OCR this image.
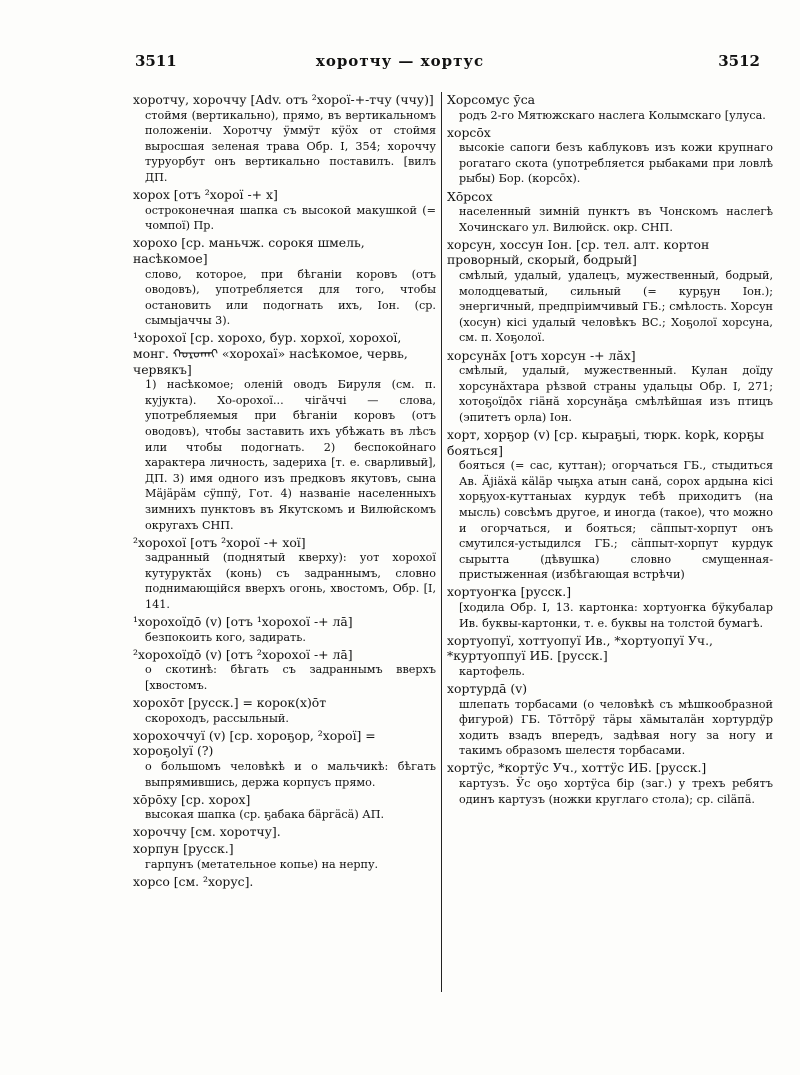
3511	хоротчу — хортус	3512
хоротчу, хороччу [Adv. отъ ²хорої-+-тчу (ччу)]
стоймя (вертикально), прямо, въ вертикальномъ положенiи. Хоротчу ӱммӱт кӱӧх от стоймя выросшая зеленая трава Обр. І, 354; хороччу туруорбут онъ вертикально поставилъ. [вилъ ДП.
хорох [отъ ²хорої -+ х]
остроконечная шапка съ высокой макушкой (= чомпої) Пр.
хорохо [ср. маньчж. сорокя шмель, насѣкомое]
слово, которое, при бѣганiи коровъ (отъ оводовъ), употребляется для того, чтобы остановить или подогнать ихъ, Іон. (ср. сымыјаччы 3).
¹хорохої [ср. хорохо, бур. хорхої, хорохої, монг. ᠬᠣᠷᠣᠬᠠᠢ «хорохаї» насѣкомое, червь, червякъ]
1) насѣкомое; оленiй оводъ Бируля (см. п. кујукта). Хо-орохої... чiгӑччi — слова, употребляемыя при бѣганiи коровъ (отъ оводовъ), чтобы заставить ихъ убѣжать въ лѣсъ или чтобы подогнать. 2) беспокойнаго характера личность, задериха [т. е. сварливый], ДП. 3) имя одного изъ предковъ якутовъ, сына Мӓјӓрӓм сӱппӱ, Гот. 4) названiе населенныхъ зимнихъ пунктовъ въ Якутскомъ и Вилюйскомъ округахъ СНП.
²хорохої [отъ ²хорої -+ хої]
задранный (поднятый кверху): уот хорохої кутуруктӑх (конь) съ задраннымъ, словно поднимающiйся вверхъ огонь, хвостомъ, Обр. [І, 141.
¹хорохоїдō (v) [отъ ¹хорохої -+ лā]
безпокоить кого, задирать.
²хорохоїдō (v) [отъ ²хорохої -+ лā]
о скотинѣ: бѣгать съ задраннымъ вверхъ [хвостомъ.
хорохōт [русск.] = корок(х)ōт
скороходъ, рассыльный.
хорохоччуї (v) [ср. хороҕор, ²хорої] = хороҕоlуї (?)
о большомъ человѣкѣ и о мальчикѣ: бѣгать выпрямившись, держа корпусъ прямо.
хōрōху [ср. хорох]
высокая шапка (ср. ҕабака бӓргӓсӓ) АП.
хороччу [см. хоротчу].
хорпун [русск.]
гарпунъ (метательное копье) на нерпу.
хорсо [см. ²хорус].
Хорсомус ӯса
родъ 2-го Мятюжскаго наслега Колымскаго [улуса.
хорсōх
высокiе сапоги безъ каблуковъ изъ кожи крупнаго рогатаго скота (употребляется рыбаками при ловлѣ рыбы) Бор. (корсōх).
Хōрсох
населенный зимнiй пунктъ въ Чонскомъ наслегѣ Хочинскаго ул. Вилюйск. окр. СНП.
хорсун, хоссун Іон. [ср. тел. алт. кортон проворный, скорый, бодрый]
смѣлый, удалый, удалецъ, мужественный, бодрый, молодцеватый, сильный (= курҕун Іон.); энергичный, предпрiимчивый ГБ.; смѣлость. Хорсун (хосун) кiсi удалый человѣкъ ВС.; Хоҕолої хорсуна, см. п. Хоҕолої.
хорсунӑх [отъ хорсун -+ лӑх]
смѣлый, удалый, мужественный. Кулан доїду хорсунӑхтара рѣзвой страны удальцы Обр. І, 271; хотоҕоїдōх гiӓнӑ хорсунӑҕа смѣлѣйшая изъ птицъ (эпитетъ орла) Іон.
хорт, хорҕор (v) [ср. кырaҕыi, тюрк. kopk, корҕы бояться]
бояться (= сас, куттан); огорчаться ГБ., стыдиться Ав. Ӓјiӓхӓ кӓlӓр чыҕха атын санӑ, сорох ардына кiсi хорҕуох-куттаныах курдук тебѣ приходитъ (на мысль) совсѣмъ другое, и иногда (такое), что можно и огорчаться, и бояться; сӓппыт-хорпут онъ смутился-устыдился ГБ.; сӓппыт-хорпут курдук сырытта (дѣвушка) словно смущенная-пристыженная (избѣгающая встрѣчи)
хортуоҥка [русск.]
[ходила Обр. І, 13. картонка: хортуоҥка бӱкубалар Ив. буквы-картонки, т. е. буквы на толстой бумагѣ.
хортуопуї, хоттуопуї Ив., *хортуопуї Уч., *куртуоппуї ИБ. [русск.]
картофель.
хортурдā (v)
шлепать торбасами (о человѣкѣ съ мѣшкообразной фигурой) ГБ. Тōттōрӱ тӓры хӓмыталӓн хортурдӱр ходить взадъ впередъ, задѣвая ногу за ногу и такимъ образомъ шелестя торбасами.
хортӱс, *кортӱс Уч., хоттӱс ИБ. [русск.]
картузъ. Ӱс оҕо хортӱса бiр (заг.) у трехъ ребятъ одинъ картузъ (ножки круглаго стола); ср. сilӓпӓ.
